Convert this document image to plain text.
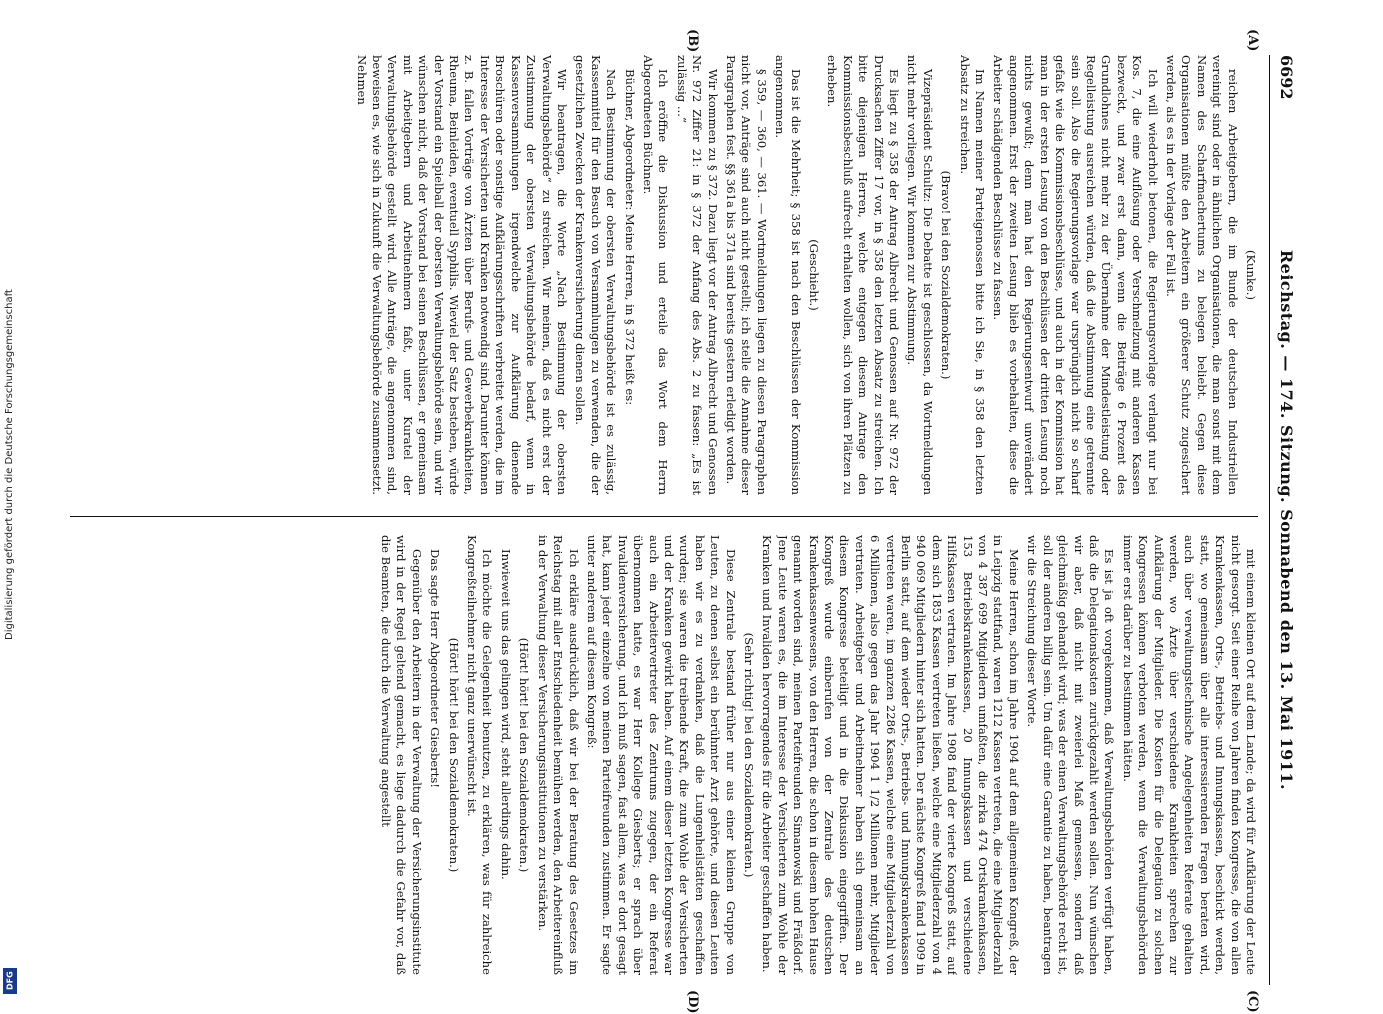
6692
Reichstag. — 174. Sitzung. Sonnabend den 13. Mai 1911.

(Kunke.)

reichen Arbeitgebern, die im Bunde der deutschen Industriellen vereinigt sind oder in ähnlichen Organisationen, die man sonst mit dem Namen des Scharfmachertums zu belegen beliebt. Gegen diese Organisationen müßte den Arbeitern ein größerer Schutz zugesichert werden, als es in der Vorlage der Fall ist.

Ich will wiederholt betonen, die Regierungsvorlage verlangt nur bei Kos. 7, die eine Auflösung oder Verschmelzung mit anderen Kassen bezweckt, und zwar erst dann, wenn die Beiträge 6 Prozent des Grundlohnes nicht mehr zu der Übernahme der Mindestleistung oder Regelleistung ausreichen würden, daß die Abstimmung eine getrennte sein soll. Also die Regierungsvorlage war ursprünglich nicht so scharf gefaßt wie die Kommissionsbeschlüsse, und auch in der Kommission hat man in der ersten Lesung von den Beschlüssen der dritten Lesung noch nichts gewußt; denn man hat den Regierungsentwurf unverändert angenommen. Erst der zweiten Lesung blieb es vorbehalten, diese die Arbeiter schädigenden Beschlüsse zu fassen.

Im Namen meiner Parteigenossen bitte ich Sie, in § 358 den letzten Absatz zu streichen.

(Bravo! bei den Sozialdemokraten.)

Vizepräsident Schultz: Die Debatte ist geschlossen, da Wortmeldungen nicht mehr vorliegen. Wir kommen zur Abstimmung.

Es liegt zu § 358 der Antrag Albrecht und Genossen auf Nr. 972 der Drucksachen Ziffer 17 vor, in § 358 den letzten Absatz zu streichen. Ich bitte diejenigen Herren, welche entgegen diesem Antrage den Kommissionsbeschluß aufrecht erhalten wollen, sich von ihren Plätzen zu erheben.

(Geschieht.)

Das ist die Mehrheit; § 358 ist nach den Beschlüssen der Kommission angenommen.

§ 359, — 360, — 361. — Wortmeldungen liegen zu diesen Paragraphen nicht vor, Anträge sind auch nicht gestellt; ich stelle die Annahme dieser Paragraphen fest. §§ 361a bis 371a sind bereits gestern erledigt worden.

Wir kommen zu § 372. Dazu liegt vor der Antrag Albrecht und Genossen Nr. 972 Ziffer 21: in § 372 der Anfang des Abs. 2 zu fassen: „Es ist zulässig ...“

Ich eröffne die Diskussion und erteile das Wort dem Herrn Abgeordneten Büchner.

Büchner, Abgeordneter: Meine Herren, in § 372 heißt es:

Nach Bestimmung der obersten Verwaltungsbehörde ist es zulässig, Kassenmittel für den Besuch von Versammlungen zu verwenden, die der gesetzlichen Zwecken der Krankenversicherung dienen sollen.

Wir beantragen, die Worte „Nach Bestimmung der obersten Verwaltungsbehörde“ zu streichen. Wir meinen, daß es nicht erst der Zustimmung der obersten Verwaltungsbehörde bedarf, wenn in Kassenversammlungen irgendwelche zur Aufklärung dienende Broschüren oder sonstige Aufklärungsschriften verbreitet werden, die im Interesse der Versicherten und Kranken notwendig sind. Darunter können z. B. fallen Vorträge von Ärzten über Berufs- und Gewerbekrankheiten, Rheuma, Beinleiden, eventuell Syphilis. Wieviel der Satz besteben, würde der Vorstand ein Spielball der obersten Verwaltungsbehörde sein, und wir wünschen nicht, daß der Vorstand bei seinen Beschlüssen, er gemeinsam mit Arbeitgebern und Arbeitnehmern faßt, unter Kuratel der Verwaltungsbehörde gestellt wird. Alle Anträge, die angenommen sind, beweisen es, wie sich in Zukunft die Verwaltungsbehörde zusammensetzt. Nehmen

mit einem kleinen Ort auf dem Lande; da wird für Aufklärung der Leute nicht gesorgt. Seit einer Reihe von Jahren finden Kongresse, die von allen Krankenkassen, Orts-, Betriebs- und Innungskassen, beschickt werden, statt, wo gemeinsam über alle interessierenden Fragen beraten wird, auch über verwaltungstechnische Angelegenheiten Referate gehalten werden, wo Ärzte über verschiedene Krankheiten sprechen zur Aufklärung der Mitglieder. Die Kosten für die Delegation zu solchen Kongressen können verboten werden, wenn die Verwaltungsbehörden immer erst darüber zu bestimmen hätten.

Es ist ja oft vorgekommen, daß Verwaltungsbehörden verfügt haben, daß die Delegationskosten zurückgezahlt werden sollen. Nun wünschen wir aber, daß nicht mit zweierlei Maß gemessen, sondern daß gleichmäßig gehandelt wird; was der einen Verwaltungsbehörde recht ist, soll der anderen billig sein. Um dafür eine Garantie zu haben, beantragen wir die Streichung dieser Worte.

Meine Herren, schon im Jahre 1904 auf dem allgemeinen Kongreß, der in Leipzig stattfand, waren 1212 Kassen vertreten, die eine Mitgliederzahl von 4 387 699 Mitgliedern umfaßten, die zirka 474 Ortskrankenkassen, 153 Betriebskrankenkassen, 20 Innungskassen und verschiedene Hilfskassen vertraten. Im Jahre 1908 fand der vierte Kongreß statt, auf dem sich 1853 Kassen vertreten ließen, welche eine Mitgliederzahl von 4 940 069 Mitgliedern hinter sich hatten. Der nächste Kongreß fand 1909 in Berlin statt, auf dem wieder Orts-, Betriebs- und Innungskrankenkassen vertreten waren, im ganzen 2286 Kassen, welche eine Mitgliederzahl von 6 Millionen, also gegen das Jahr 1904 1 1/2 Millionen mehr, Mitglieder vertraten. Arbeitgeber und Arbeitnehmer haben sich gemeinsam an diesem Kongresse beteiligt und in die Diskussion eingegriffen. Der Kongreß wurde einberufen von der Zentrale des deutschen Krankenkassenwesens, von den Herren, die schon in diesem hohen Hause genannt worden sind, meinen Parteifreunden Simanowski und Fräßdorf. Jene Leute waren es, die im Interesse der Versicherten zum Wohle der Kranken und Invaliden hervorragendes für die Arbeiter geschaffen haben.

(Sehr richtig! bei den Sozialdemokraten.)

Diese Zentrale bestand früher nur aus einer kleinen Gruppe von Leuten, zu denen selbst ein berühmter Arzt gehörte, und diesen Leuten haben wir es zu verdanken, daß die Lungenheilstätten geschaffen wurden; sie waren die treibende Kraft, die zum Wohle der Versicherten und der Kranken gewirkt haben. Auf einem dieser letzten Kongresse war auch ein Arbeitervertreter des Zentrums zugegen, der ein Referat übernommen hatte, es war Herr Kollege Giesberts; er sprach über Invalidenversicherung, und ich muß sagen, fast allem, was er dort gesagt hat, kann jeder einzelne von meinen Parteifreunden zustimmen. Er sagte unter anderem auf diesem Kongreß:

Ich erkläre ausdrücklich, daß wir bei der Beratung des Gesetzes im Reichstag mit aller Entschiedenheit bemühen werden, den Arbeitereinfluß in der Verwaltung dieser Versicherungsinstitutionen zu verstärken.

(Hört! hört! bei den Sozialdemokraten.)

Inwieweit uns das gelingen wird, steht allerdings dahin.

Ich möchte die Gelegenheit benutzen, zu erklären, was für zahlreiche Kongreßteilnehmer nicht ganz unerwünscht ist.

(Hört! hört! bei den Sozialdemokraten.)

Das sagte Herr Abgeordneter Giesberts!

Gegenüber den Arbeitern in der Verwaltung der Versicherungsinstitute wird in der Regel geltend gemacht, es liege dadurch die Gefahr vor, daß die Beamten, die durch die Verwaltung angestellt

(A)
(B)
(C)
(D)
Digitalisierung gefördert durch die Deutsche Forschungsgemeinschaft
DFG
